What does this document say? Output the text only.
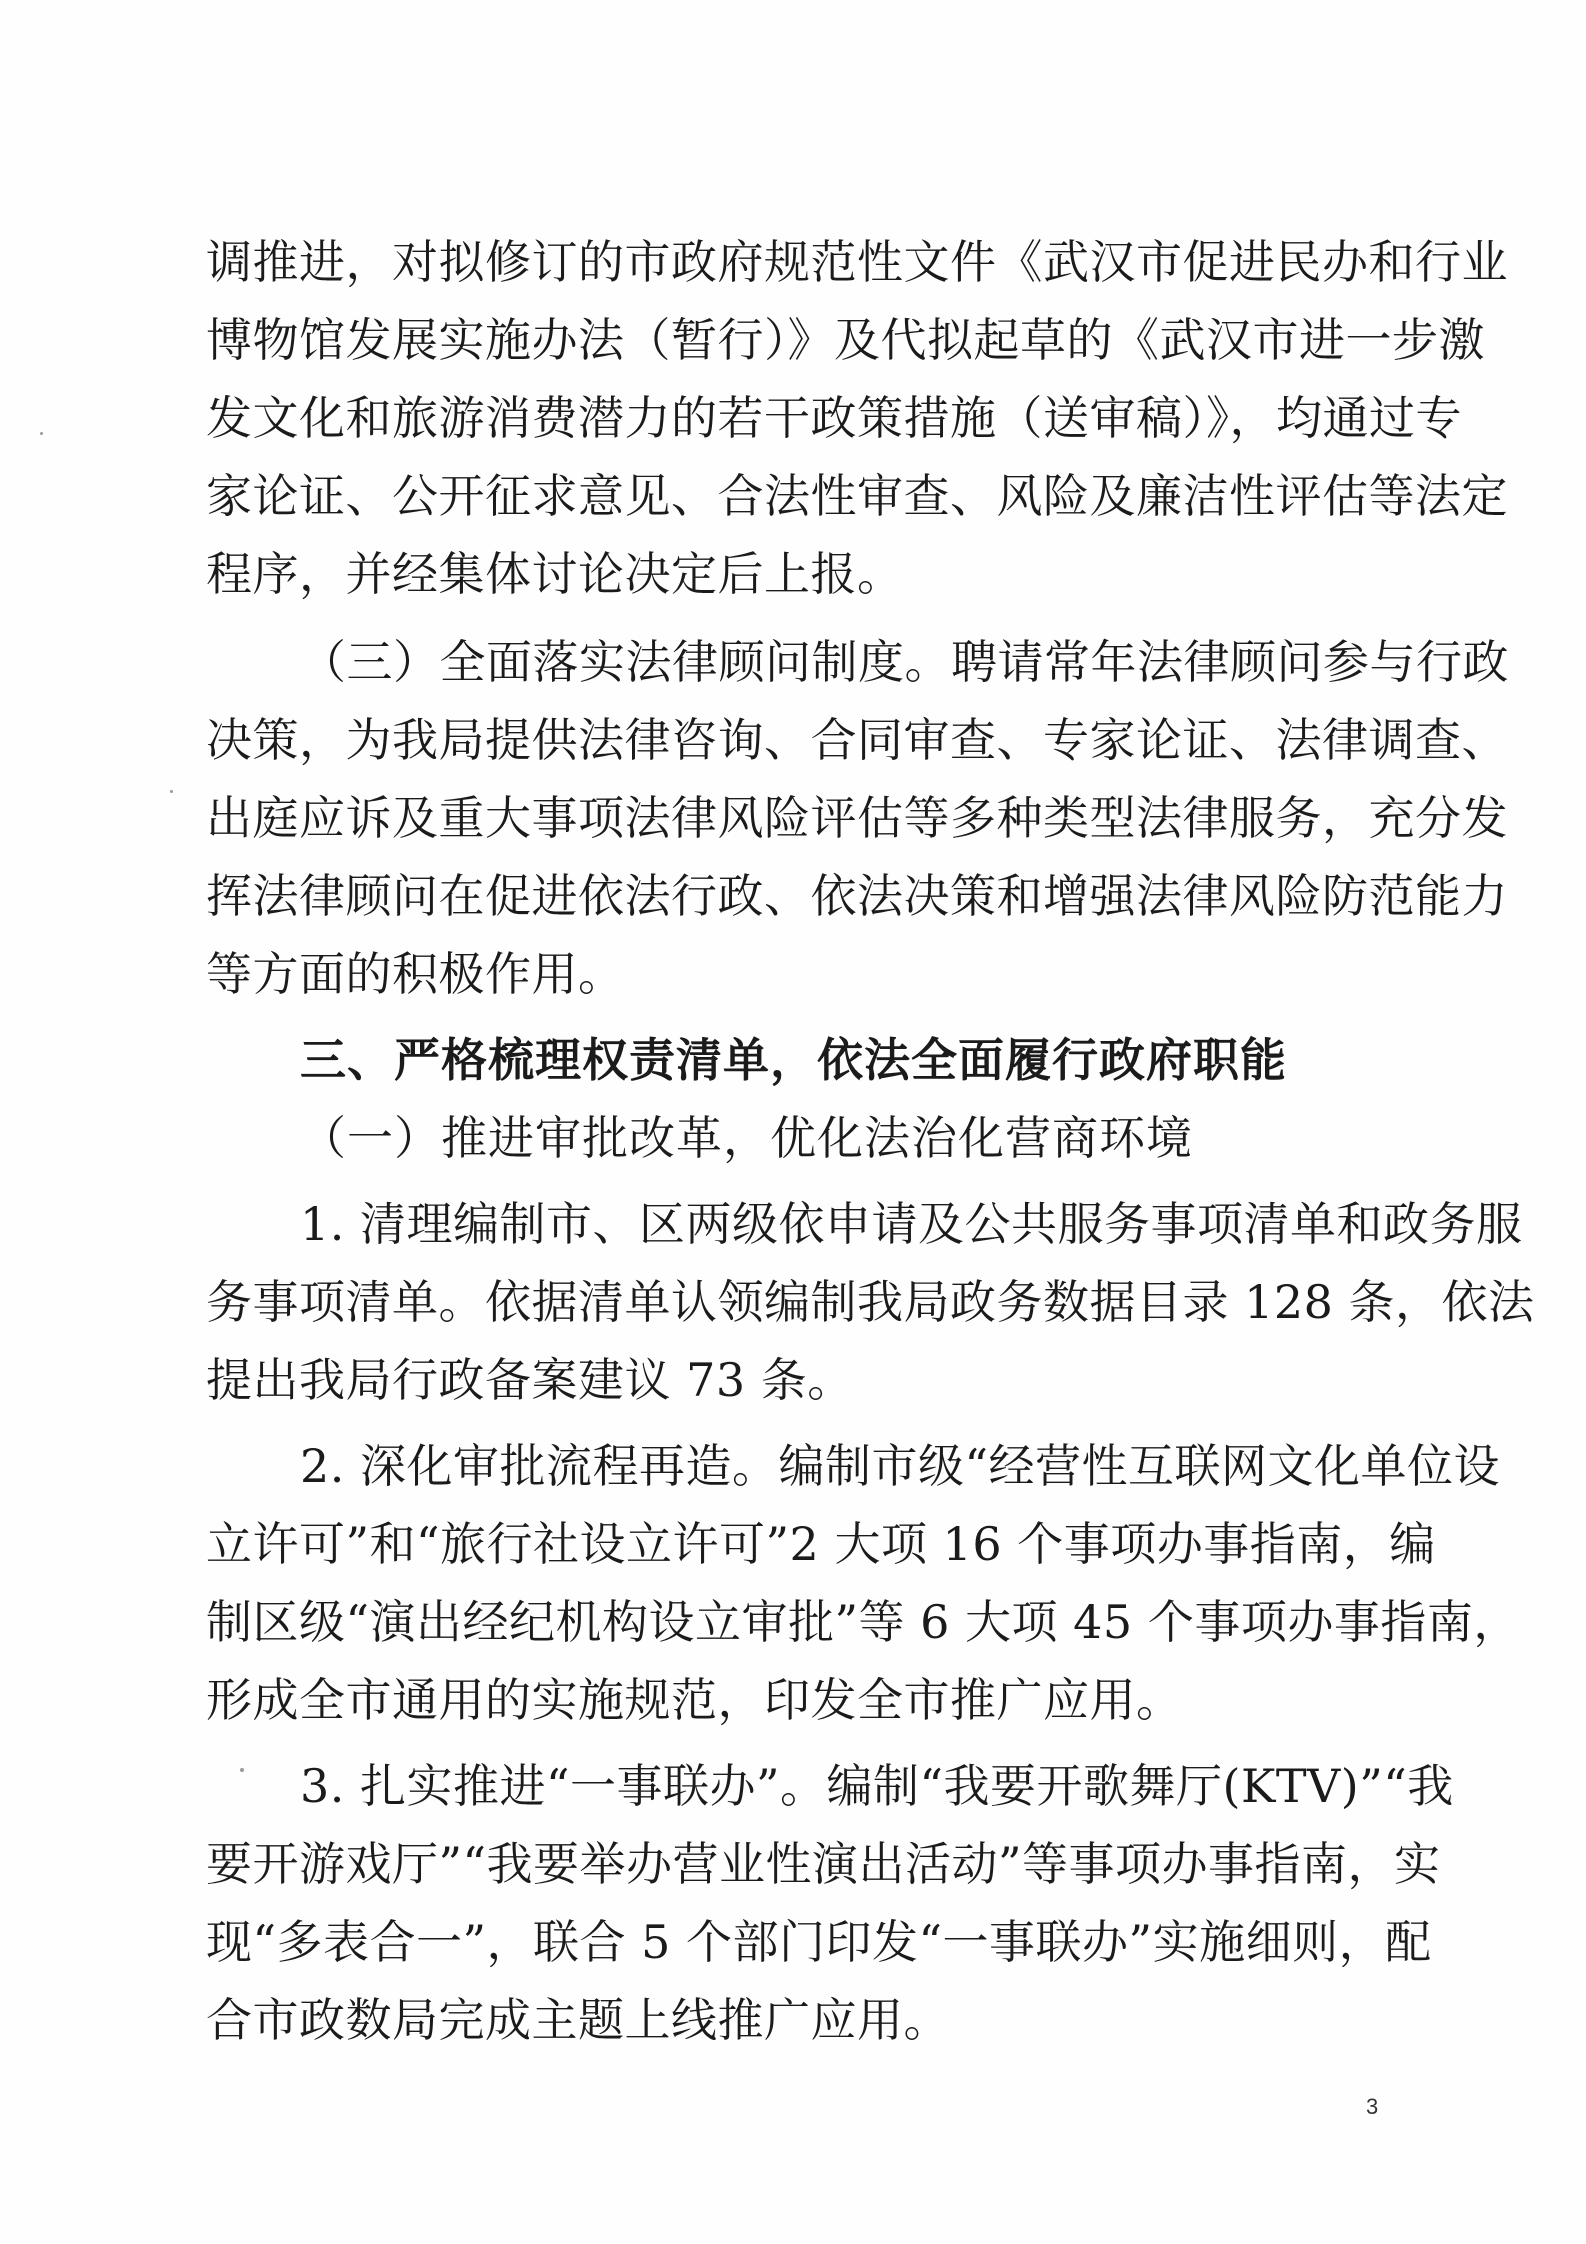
调推进，对拟修订的市政府规范性文件《武汉市促进民办和行业
博物馆发展实施办法（暂行）》及代拟起草的《武汉市进一步激
发文化和旅游消费潜力的若干政策措施（送审稿）》，均通过专
家论证、公开征求意见、合法性审查、风险及廉洁性评估等法定
程序，并经集体讨论决定后上报。
（三）全面落实法律顾问制度。聘请常年法律顾问参与行政
决策，为我局提供法律咨询、合同审查、专家论证、法律调查、
出庭应诉及重大事项法律风险评估等多种类型法律服务，充分发
挥法律顾问在促进依法行政、依法决策和增强法律风险防范能力
等方面的积极作用。
三、严格梳理权责清单，依法全面履行政府职能
（一）推进审批改革，优化法治化营商环境
1. 清理编制市、区两级依申请及公共服务事项清单和政务服
务事项清单。依据清单认领编制我局政务数据目录 128 条，依法
提出我局行政备案建议 73 条。
2. 深化审批流程再造。编制市级“经营性互联网文化单位设
立许可”和“旅行社设立许可”2 大项 16 个事项办事指南，编
制区级“演出经纪机构设立审批”等 6 大项 45 个事项办事指南，
形成全市通用的实施规范，印发全市推广应用。
3. 扎实推进“一事联办”。编制“我要开歌舞厅(KTV)”“我
要开游戏厅”“我要举办营业性演出活动”等事项办事指南，实
现“多表合一”，联合 5 个部门印发“一事联办”实施细则，配
合市政数局完成主题上线推广应用。
3
